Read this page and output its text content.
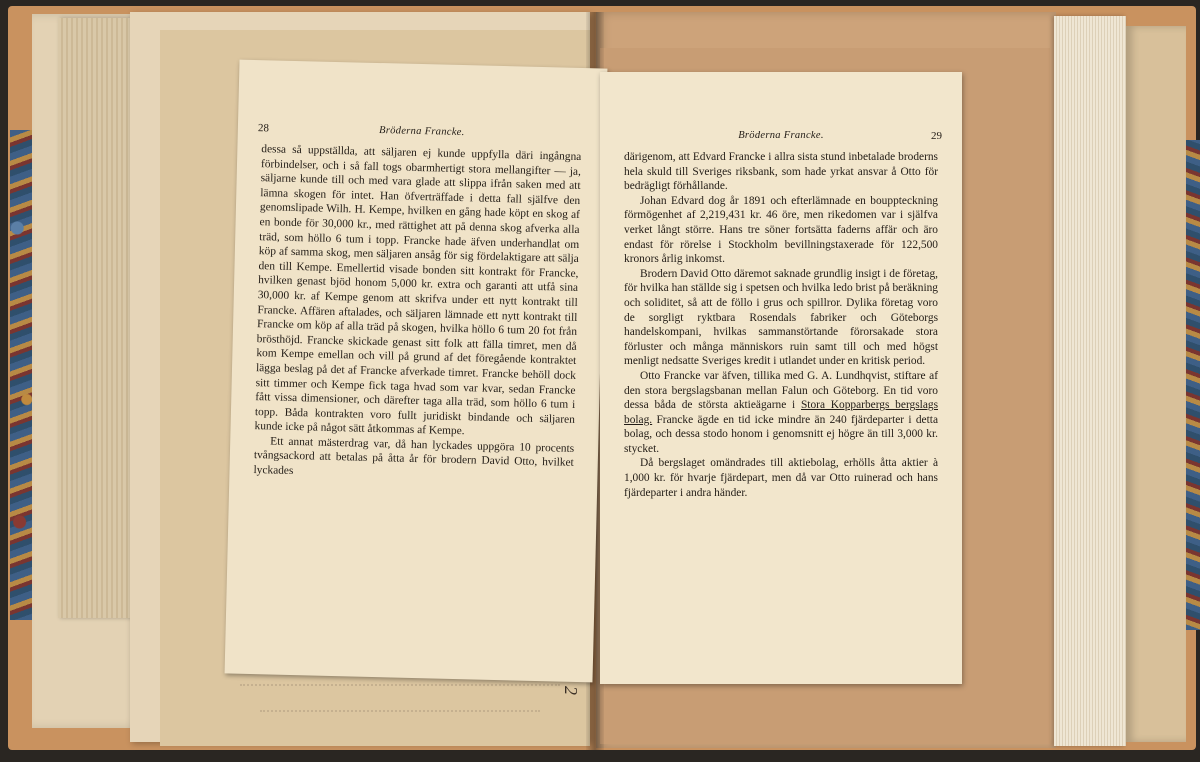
28	Bröderna Francke.

dessa så uppställda, att säljaren ej kunde uppfylla däri ingångna förbindelser, och i så fall togs obarmhertigt stora mellangifter — ja, säljarne kunde till och med vara glade att slippa ifrån saken med att lämna skogen för intet. Han öfverträffade i detta fall själfve den genomslipade Wilh. H. Kempe, hvilken en gång hade köpt en skog af en bonde för 30,000 kr., med rättighet att på denna skog afverka alla träd, som höllo 6 tum i topp. Francke hade äfven underhandlat om köp af samma skog, men säljaren ansåg för sig fördelaktigare att sälja den till Kempe. Emellertid visade bonden sitt kontrakt för Francke, hvilken genast bjöd honom 5,000 kr. extra och garanti att utfå sina 30,000 kr. af Kempe genom att skrifva under ett nytt kontrakt till Francke. Affären aftalades, och säljaren lämnade ett nytt kontrakt till Francke om köp af alla träd på skogen, hvilka höllo 6 tum 20 fot från brösthöjd. Francke skickade genast sitt folk att fälla timret, men då kom Kempe emellan och vill på grund af det föregående kontraktet lägga beslag på det af Francke afverkade timret. Francke behöll dock sitt timmer och Kempe fick taga hvad som var kvar, sedan Francke fått vissa dimensioner, och därefter taga alla träd, som höllo 6 tum i topp. Båda kontrakten voro fullt juridiskt bindande och säljaren kunde icke på något sätt åtkommas af Kempe.

Ett annat mästerdrag var, då han lyckades uppgöra 10 procents tvångsackord att betalas på åtta år för brodern David Otto, hvilket lyckades

Bröderna Francke.	29

därigenom, att Edvard Francke i allra sista stund inbetalade broderns hela skuld till Sveriges riksbank, som hade yrkat ansvar å Otto för bedrägligt förhållande.

Johan Edvard dog år 1891 och efterlämnade en bouppteckning förmögenhet af 2,219,431 kr. 46 öre, men rikedomen var i själfva verket långt större. Hans tre söner fortsätta faderns affär och äro endast för rörelse i Stockholm bevillningstaxerade för 122,500 kronors årlig inkomst.

Brodern David Otto däremot saknade grundlig insigt i de företag, för hvilka han ställde sig i spetsen och hvilka ledo brist på beräkning och soliditet, så att de föllo i grus och spillror. Dylika företag voro de sorgligt ryktbara Rosendals fabriker och Göteborgs handelskompani, hvilkas sammanstörtande förorsakade stora förluster och många människors ruin samt till och med högst menligt nedsatte Sveriges kredit i utlandet under en kritisk period.

Otto Francke var äfven, tillika med G. A. Lundhqvist, stiftare af den stora bergslagsbanan mellan Falun och Göteborg. En tid voro dessa båda de största aktieägarne i Stora Kopparbergs bergslags bolag. Francke ägde en tid icke mindre än 240 fjärdeparter i detta bolag, och dessa stodo honom i genomsnitt ej högre än till 3,000 kr. stycket.

Då bergslaget omändrades till aktiebolag, erhölls åtta aktier à 1,000 kr. för hvarje fjärdepart, men då var Otto ruinerad och hans fjärdeparter i andra händer.

2
